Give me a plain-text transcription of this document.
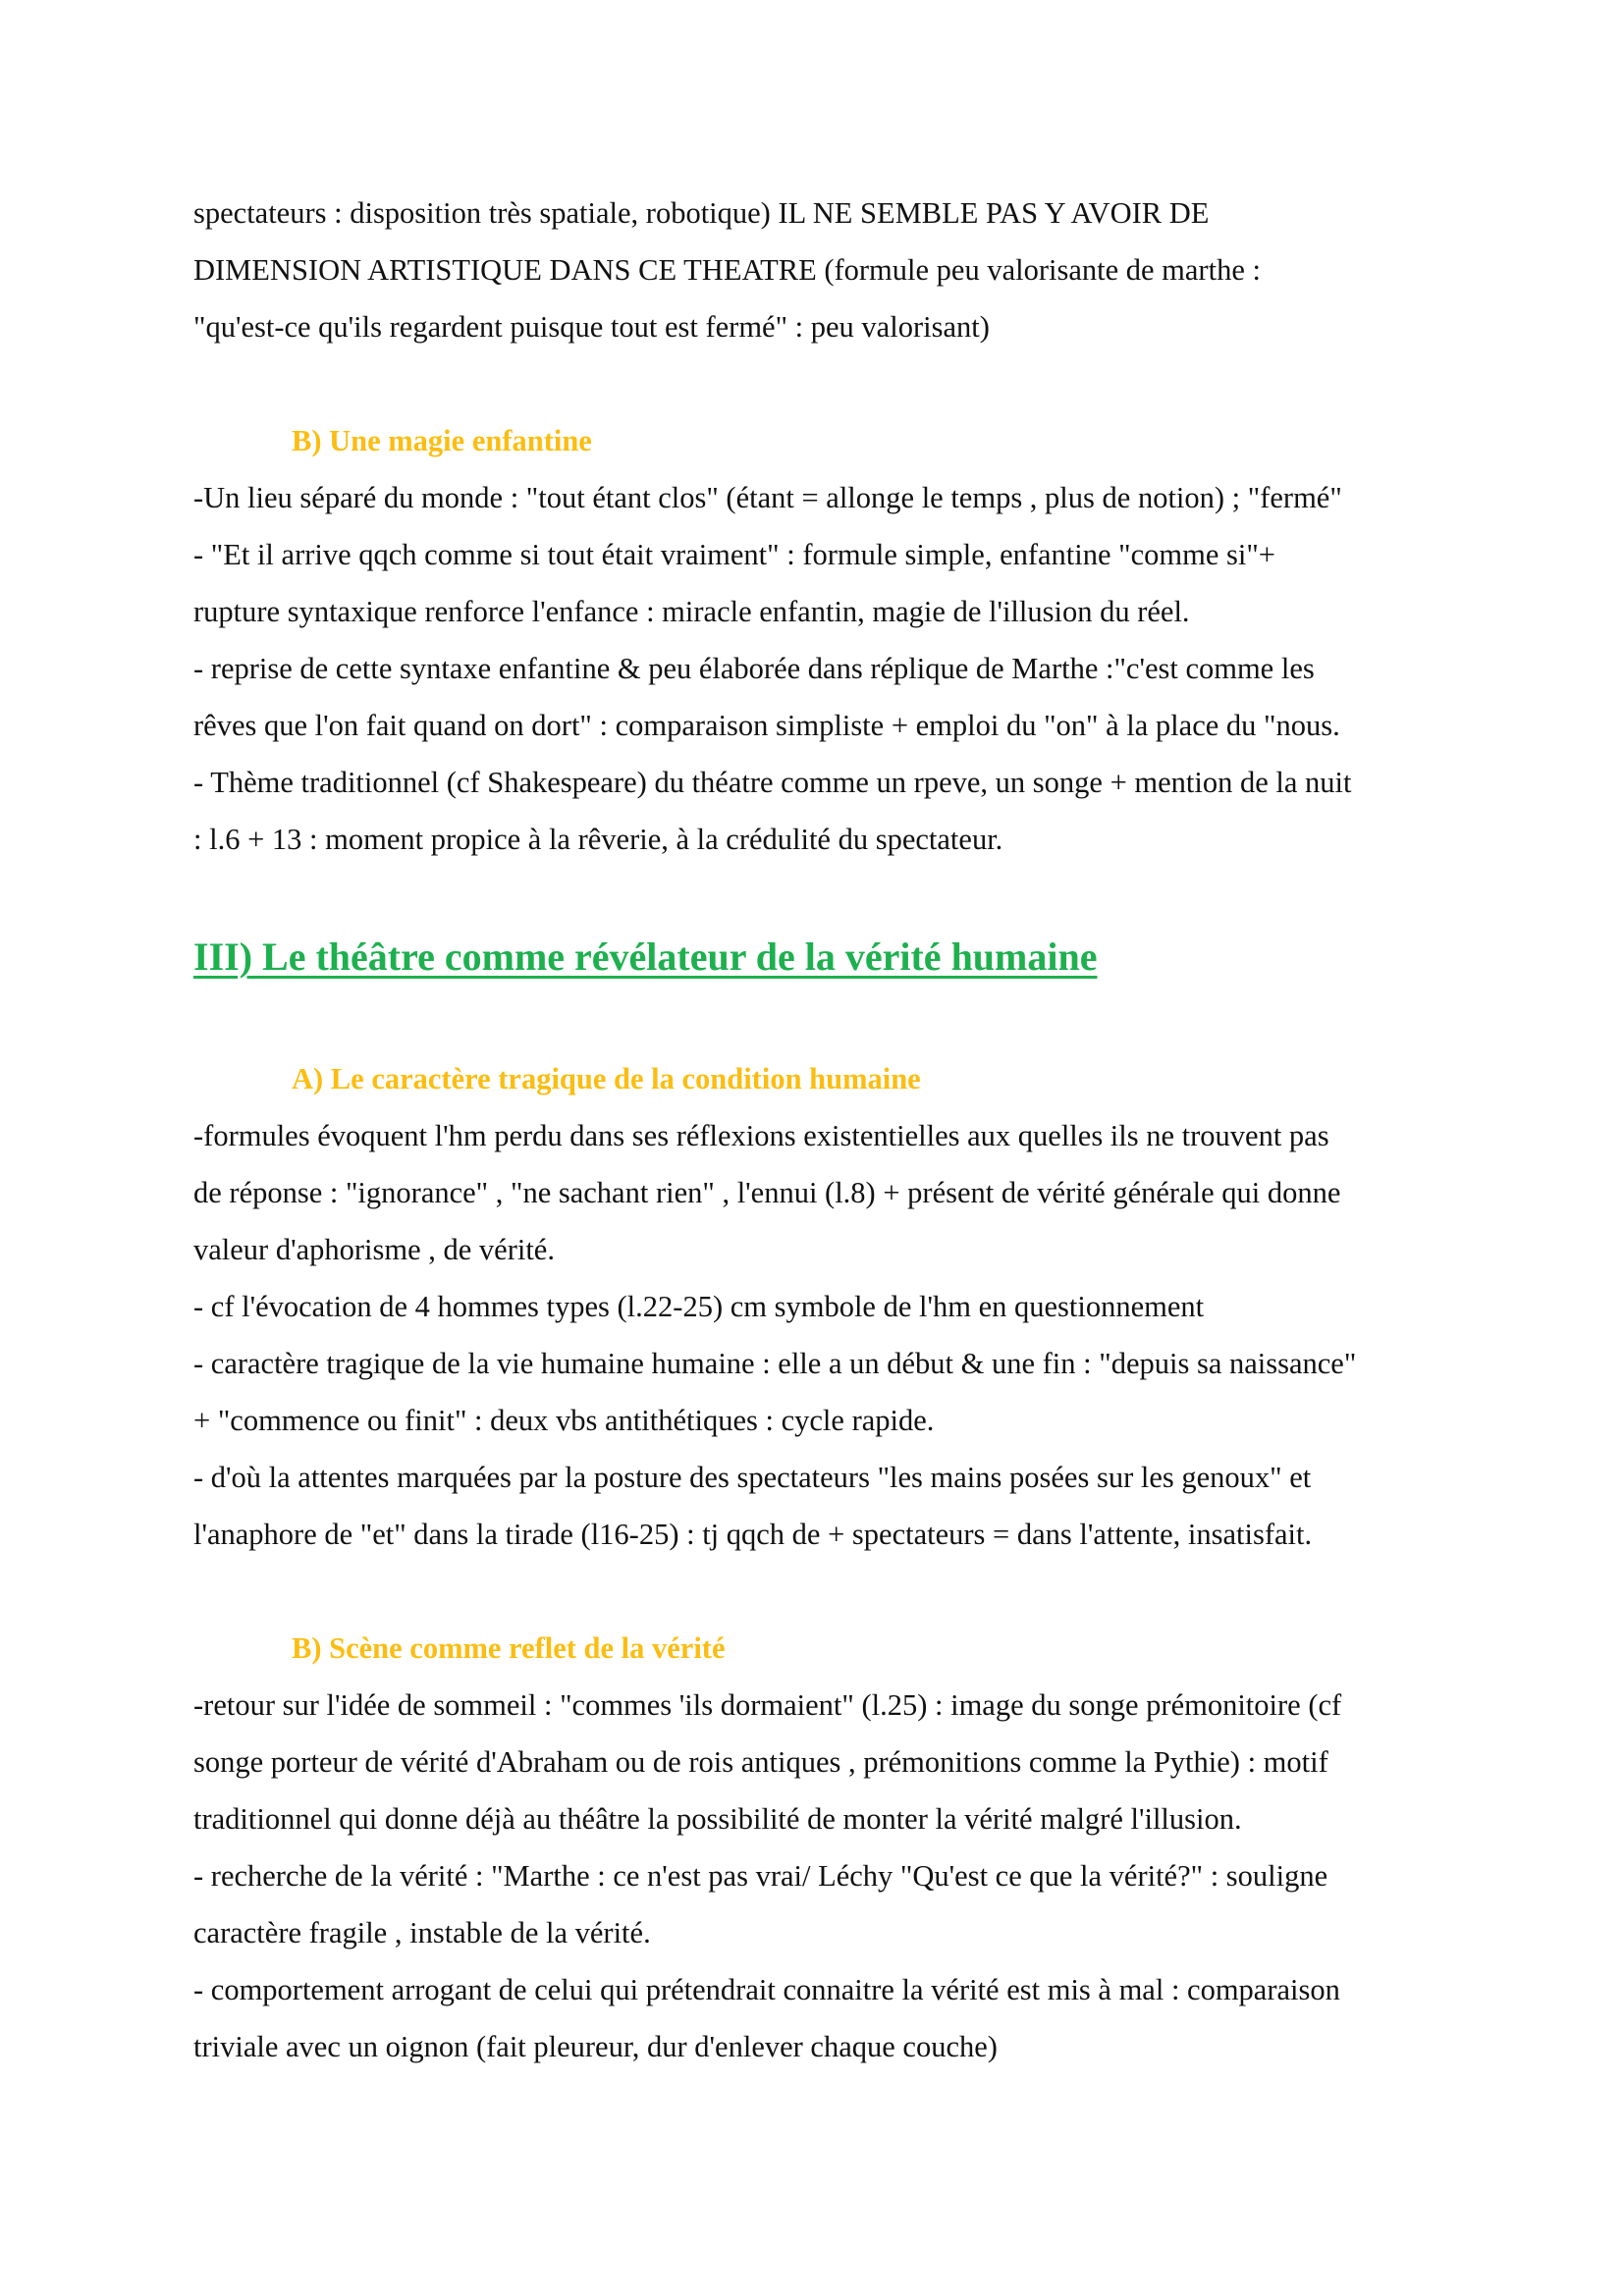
spectateurs : disposition très spatiale, robotique) IL NE SEMBLE PAS Y AVOIR DE
DIMENSION ARTISTIQUE DANS CE THEATRE (formule peu valorisante de marthe :
"qu'est-ce qu'ils regardent puisque tout est fermé" : peu valorisant)
B) Une magie enfantine
-Un lieu séparé du monde : "tout étant clos" (étant = allonge le temps , plus de notion) ; "fermé"
- "Et il arrive qqch comme si tout était vraiment" : formule simple, enfantine "comme si"+
rupture syntaxique renforce l'enfance : miracle enfantin, magie de l'illusion du réel.
- reprise de cette syntaxe enfantine & peu élaborée dans réplique de Marthe :"c'est comme les
rêves que l'on fait quand on dort" : comparaison simpliste + emploi du "on" à la place du "nous.
- Thème traditionnel (cf Shakespeare) du théatre comme un rpeve, un songe + mention de la nuit
: l.6 + 13 : moment propice à la rêverie, à la crédulité du spectateur.
III) Le théâtre comme révélateur de la vérité humaine
A) Le caractère tragique de la condition humaine
-formules évoquent l'hm perdu dans ses réflexions existentielles aux quelles ils ne trouvent pas
de réponse : "ignorance" , "ne sachant rien" , l'ennui (l.8) + présent de vérité générale qui donne
valeur d'aphorisme , de vérité.
- cf l'évocation de 4 hommes types (l.22-25) cm symbole de l'hm en questionnement
- caractère tragique de la vie humaine humaine : elle a un début & une fin : "depuis sa naissance"
+ "commence ou finit" : deux vbs antithétiques : cycle rapide.
- d'où la attentes marquées par la posture des spectateurs "les mains posées sur les genoux" et
l'anaphore de "et" dans la tirade (l16-25) : tj qqch de + spectateurs = dans l'attente, insatisfait.
B) Scène comme reflet de la vérité
-retour sur l'idée de sommeil : "commes 'ils dormaient" (l.25) : image du songe prémonitoire (cf
songe porteur de vérité d'Abraham ou de rois antiques , prémonitions comme la Pythie) : motif
traditionnel qui donne déjà au théâtre la possibilité de monter la vérité malgré l'illusion.
- recherche de la vérité : "Marthe : ce n'est pas vrai/ Léchy "Qu'est ce que la vérité?" : souligne
caractère fragile , instable de la vérité.
- comportement arrogant de celui qui prétendrait connaitre la vérité est mis à mal : comparaison
triviale avec un oignon (fait pleureur, dur d'enlever chaque couche)
